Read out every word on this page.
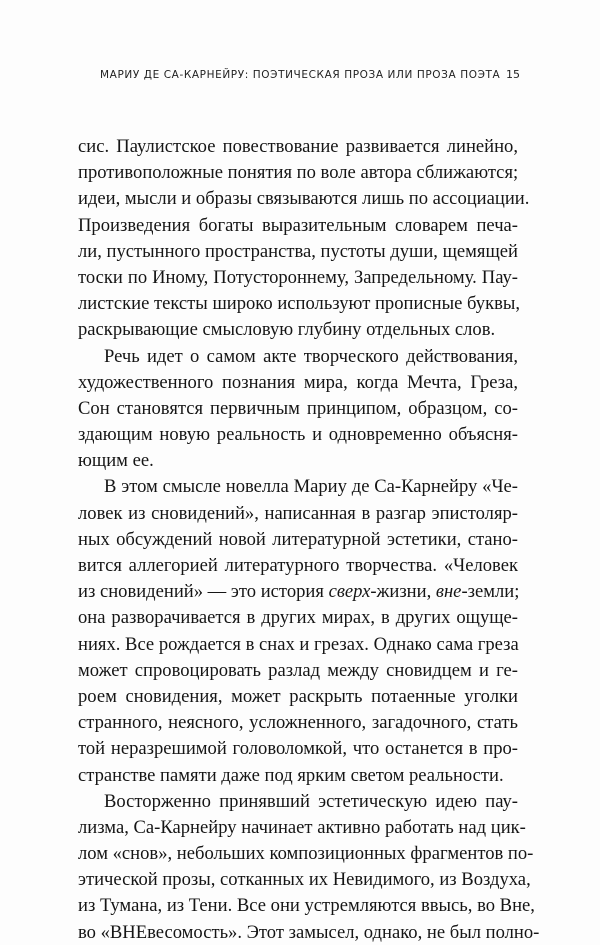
МАРИУ ДЕ СА-КАРНЕЙРУ: ПОЭТИЧЕСКАЯ ПРОЗА ИЛИ ПРОЗА ПОЭТА 15
сис. Паулистское повествование развивается линейно,
противоположные понятия по воле автора сближаются;
идеи, мысли и образы связываются лишь по ассоциации.
Произведения богаты выразительным словарем печа-
ли, пустынного пространства, пустоты души, щемящей
тоски по Иному, Потустороннему, Запредельному. Пау-
листские тексты широко используют прописные буквы,
раскрывающие смысловую глубину отдельных слов.
Речь идет о самом акте творческого действования,
художественного познания мира, когда Мечта, Греза,
Сон становятся первичным принципом, образцом, со-
здающим новую реальность и одновременно объясня-
ющим ее.
В этом смысле новелла Мариу де Са-Карнейру «Че-
ловек из сновидений», написанная в разгар эпистоляр-
ных обсуждений новой литературной эстетики, стано-
вится аллегорией литературного творчества. «Человек
из сновидений» — это история сверх-жизни, вне-земли;
она разворачивается в других мирах, в других ощуще-
ниях. Все рождается в снах и грезах. Однако сама греза
может спровоцировать разлад между сновидцем и ге-
роем сновидения, может раскрыть потаенные уголки
странного, неясного, усложненного, загадочного, стать
той неразрешимой головоломкой, что останется в про-
странстве памяти даже под ярким светом реальности.
Восторженно принявший эстетическую идею пау-
лизма, Са-Карнейру начинает активно работать над цик-
лом «снов», небольших композиционных фрагментов по-
этической прозы, сотканных их Невидимого, из Воздуха,
из Тумана, из Тени. Все они устремляются ввысь, во Вне,
во «ВНЕвесомость». Этот замысел, однако, не был полно-
